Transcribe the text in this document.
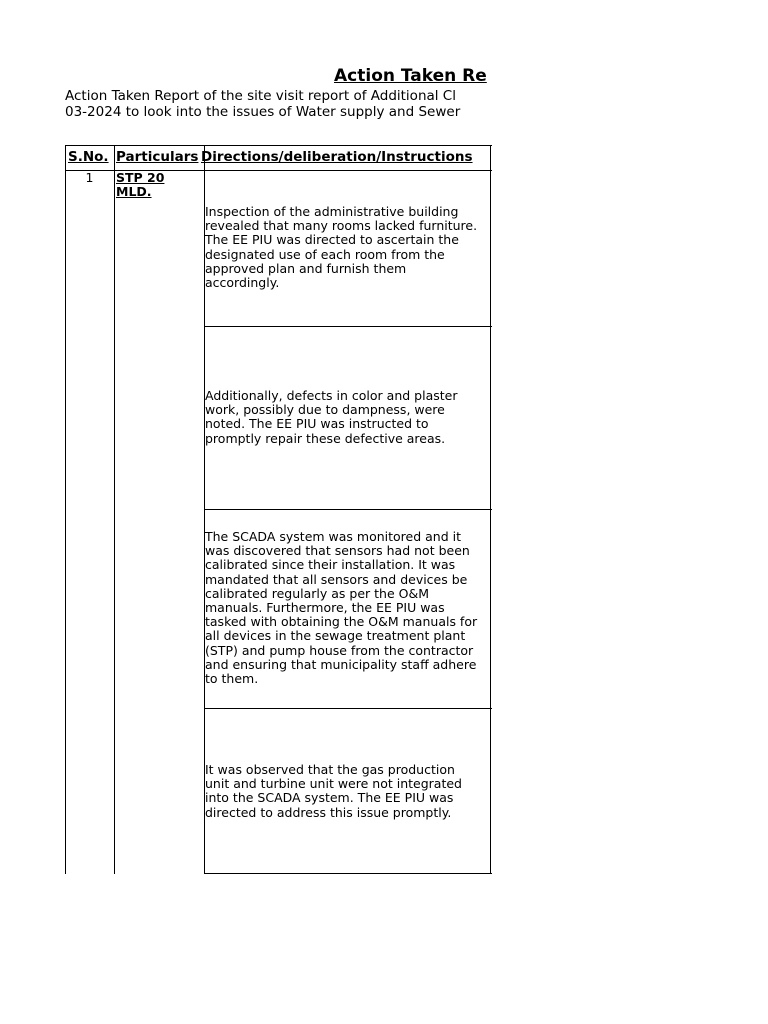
Action Taken Re
Action Taken Report of the site visit report of Additional Cl
03-2024 to look into the issues of Water supply and Sewer
S.No. Particulars Directions/deliberation/Instructions
1	STP 20 MLD.
Inspection of the administrative building
revealed that many rooms lacked furniture.
The EE PIU was directed to ascertain the
designated use of each room from the
approved plan and furnish them
accordingly.
Additionally, defects in color and plaster
work, possibly due to dampness, were
noted. The EE PIU was instructed to
promptly repair these defective areas.
The SCADA system was monitored and it
was discovered that sensors had not been
calibrated since their installation. It was
mandated that all sensors and devices be
calibrated regularly as per the O&M
manuals. Furthermore, the EE PIU was
tasked with obtaining the O&M manuals for
all devices in the sewage treatment plant
(STP) and pump house from the contractor
and ensuring that municipality staff adhere
to them.
It was observed that the gas production
unit and turbine unit were not integrated
into the SCADA system. The EE PIU was
directed to address this issue promptly.
